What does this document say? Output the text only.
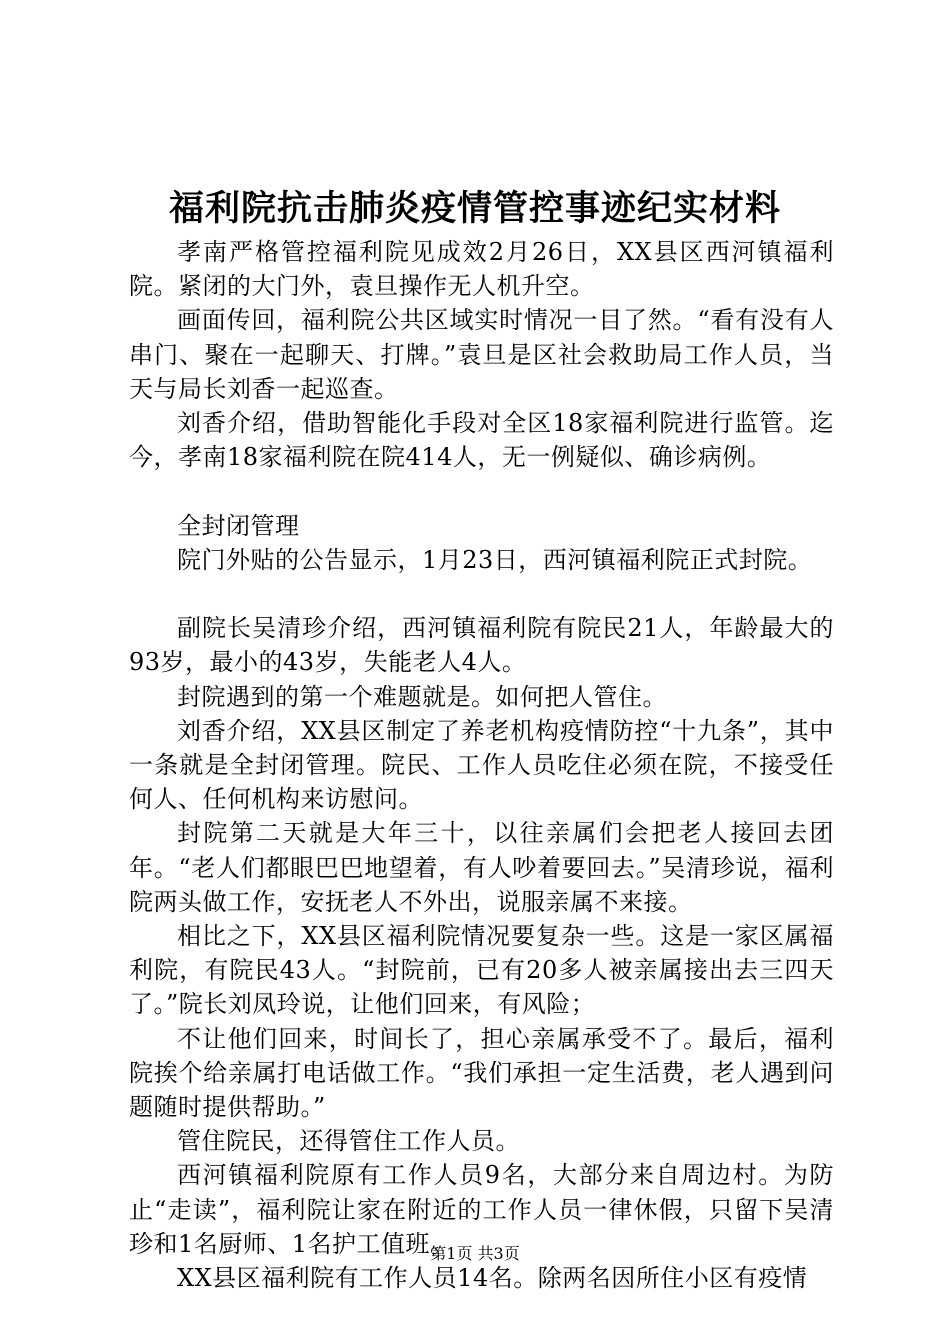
福利院抗击肺炎疫情管控事迹纪实材料

孝南严格管控福利院见成效2月26日，XX县区西河镇福利院。紧闭的大门外，袁旦操作无人机升空。

画面传回，福利院公共区域实时情况一目了然。“看有没有人串门、聚在一起聊天、打牌。”袁旦是区社会救助局工作人员，当天与局长刘香一起巡查。

刘香介绍，借助智能化手段对全区18家福利院进行监管。迄今，孝南18家福利院在院414人，无一例疑似、确诊病例。

全封闭管理

院门外贴的公告显示，1月23日，西河镇福利院正式封院。

副院长吴清珍介绍，西河镇福利院有院民21人，年龄最大的93岁，最小的43岁，失能老人4人。

封院遇到的第一个难题就是。如何把人管住。

刘香介绍，XX县区制定了养老机构疫情防控“十九条”，其中一条就是全封闭管理。院民、工作人员吃住必须在院，不接受任何人、任何机构来访慰问。

封院第二天就是大年三十，以往亲属们会把老人接回去团年。“老人们都眼巴巴地望着，有人吵着要回去。”吴清珍说，福利院两头做工作，安抚老人不外出，说服亲属不来接。

相比之下，XX县区福利院情况要复杂一些。这是一家区属福利院，有院民43人。“封院前，已有20多人被亲属接出去三四天了。”院长刘凤玲说，让他们回来，有风险；

不让他们回来，时间长了，担心亲属承受不了。最后，福利院挨个给亲属打电话做工作。“我们承担一定生活费，老人遇到问题随时提供帮助。”

管住院民，还得管住工作人员。

西河镇福利院原有工作人员9名，大部分来自周边村。为防止“走读”，福利院让家在附近的工作人员一律休假，只留下吴清珍和1名厨师、1名护工值班。

XX县区福利院有工作人员14名。除两名因所住小区有疫情

第1页 共3页
